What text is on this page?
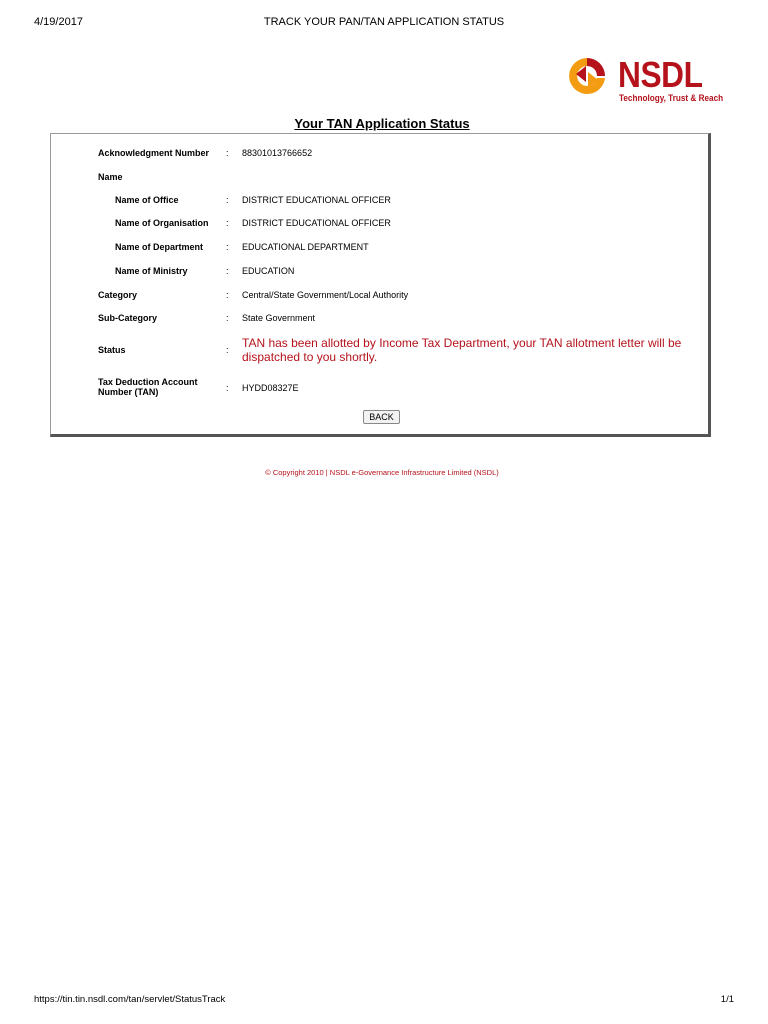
4/19/2017	TRACK YOUR PAN/TAN APPLICATION STATUS
NSDL
Technology, Trust & Reach
Your TAN Application Status
Acknowledgment Number : 88301013766652
Name
Name of Office	: DISTRICT EDUCATIONAL OFFICER
Name of Organisation : DISTRICT EDUCATIONAL OFFICER
Name of Department	: EDUCATIONAL DEPARTMENT
Name of Ministry	: EDUCATION
Category	: Central/State Government/Local Authority
Sub-Category	: State Government
Status	: TAN has been allotted by Income Tax Department, your TAN allotment letter will be dispatched to you shortly.
Tax Deduction Account Number (TAN)	: HYDD08327E
BACK
© Copyright 2010 | NSDL e-Governance Infrastructure Limited (NSDL)
https://tin.tin.nsdl.com/tan/servlet/StatusTrack	1/1
